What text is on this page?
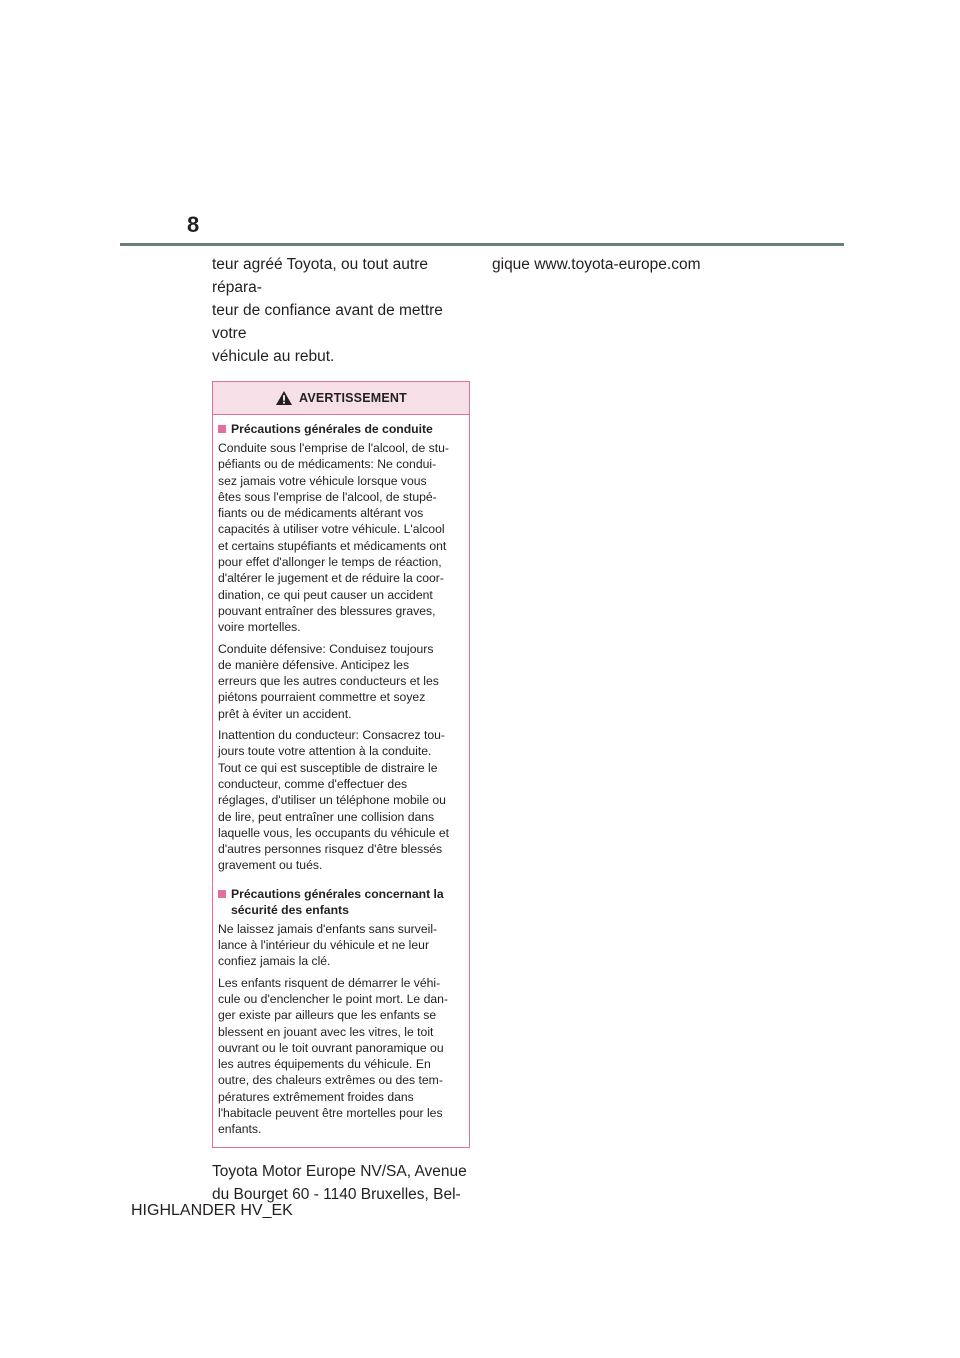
8

teur agréé Toyota, ou tout autre répara-
teur de confiance avant de mettre votre
véhicule au rebut.

AVERTISSEMENT
Précautions générales de conduite

Conduite sous l'emprise de l'alcool, de stu-
péfiants ou de médicaments: Ne condui-
sez jamais votre véhicule lorsque vous
êtes sous l'emprise de l'alcool, de stupé-
fiants ou de médicaments altérant vos
capacités à utiliser votre véhicule. L'alcool
et certains stupéfiants et médicaments ont
pour effet d'allonger le temps de réaction,
d'altérer le jugement et de réduire la coor-
dination, ce qui peut causer un accident
pouvant entraîner des blessures graves,
voire mortelles.

Conduite défensive: Conduisez toujours
de manière défensive. Anticipez les
erreurs que les autres conducteurs et les
piétons pourraient commettre et soyez
prêt à éviter un accident.

Inattention du conducteur: Consacrez tou-
jours toute votre attention à la conduite.
Tout ce qui est susceptible de distraire le
conducteur, comme d'effectuer des
réglages, d'utiliser un téléphone mobile ou
de lire, peut entraîner une collision dans
laquelle vous, les occupants du véhicule et
d'autres personnes risquez d'être blessés
gravement ou tués.

Précautions générales concernant la
sécurité des enfants

Ne laissez jamais d'enfants sans surveil-
lance à l'intérieur du véhicule et ne leur
confiez jamais la clé.

Les enfants risquent de démarrer le véhi-
cule ou d'enclencher le point mort. Le dan-
ger existe par ailleurs que les enfants se
blessent en jouant avec les vitres, le toit
ouvrant ou le toit ouvrant panoramique ou
les autres équipements du véhicule. En
outre, des chaleurs extrêmes ou des tem-
pératures extrêmement froides dans
l'habitacle peuvent être mortelles pour les
enfants.

Toyota Motor Europe NV/SA, Avenue
du Bourget 60 - 1140 Bruxelles, Bel-

gique www.toyota-europe.com

HIGHLANDER HV_EK
